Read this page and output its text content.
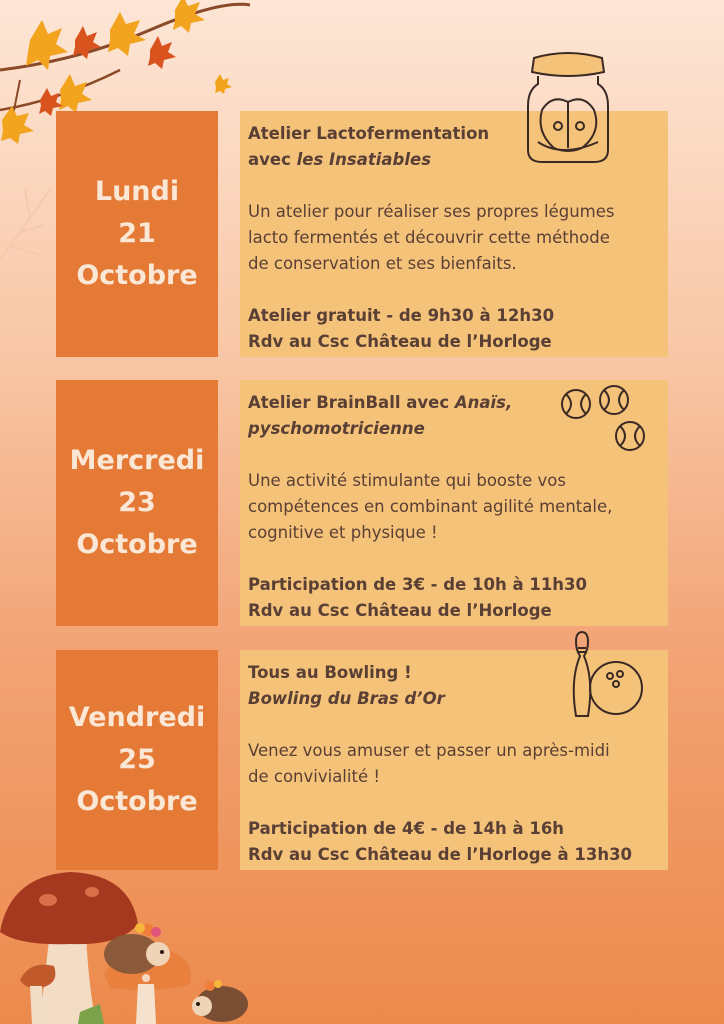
Lundi
21
Octobre

Atelier Lactofermentation

avec les Insatiables

Un atelier pour réaliser ses propres légumes

lacto fermentés et découvrir cette méthode

de conservation et ses bienfaits.

Atelier gratuit - de 9h30 à 12h30

Rdv au Csc Château de l’Horloge

Mercredi
23
Octobre

Atelier BrainBall avec Anaïs,

pyschomotricienne

Une activité stimulante qui booste vos

compétences en combinant agilité mentale,

cognitive et physique !

Participation de 3€ - de 10h à 11h30

Rdv au Csc Château de l’Horloge

Vendredi
25
Octobre

Tous au Bowling !

Bowling du Bras d’Or

Venez vous amuser et passer un après-midi

de convivialité !

Participation de 4€ - de 14h à 16h

Rdv au Csc Château de l’Horloge à 13h30
